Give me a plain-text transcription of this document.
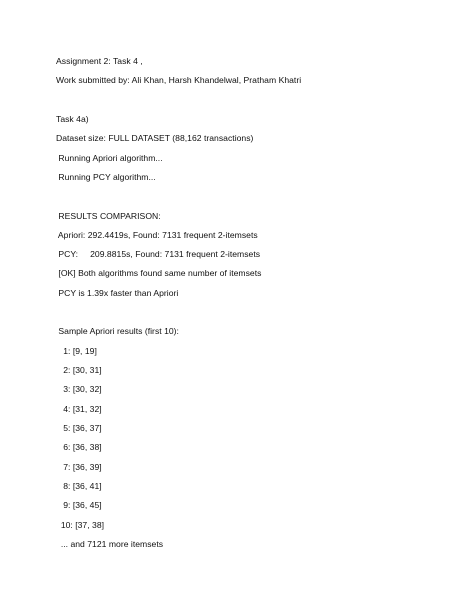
Assignment 2: Task 4 ,
Work submitted by: Ali Khan, Harsh Khandelwal, Pratham Khatri
Task 4a)
Dataset size: FULL DATASET (88,162 transactions)
Running Apriori algorithm...
Running PCY algorithm...
RESULTS COMPARISON:
Apriori: 292.4419s, Found: 7131 frequent 2-itemsets
PCY:     209.8815s, Found: 7131 frequent 2-itemsets
[OK] Both algorithms found same number of itemsets
PCY is 1.39x faster than Apriori
Sample Apriori results (first 10):
1: [9, 19]
2: [30, 31]
3: [30, 32]
4: [31, 32]
5: [36, 37]
6: [36, 38]
7: [36, 39]
8: [36, 41]
9: [36, 45]
10: [37, 38]
... and 7121 more itemsets
